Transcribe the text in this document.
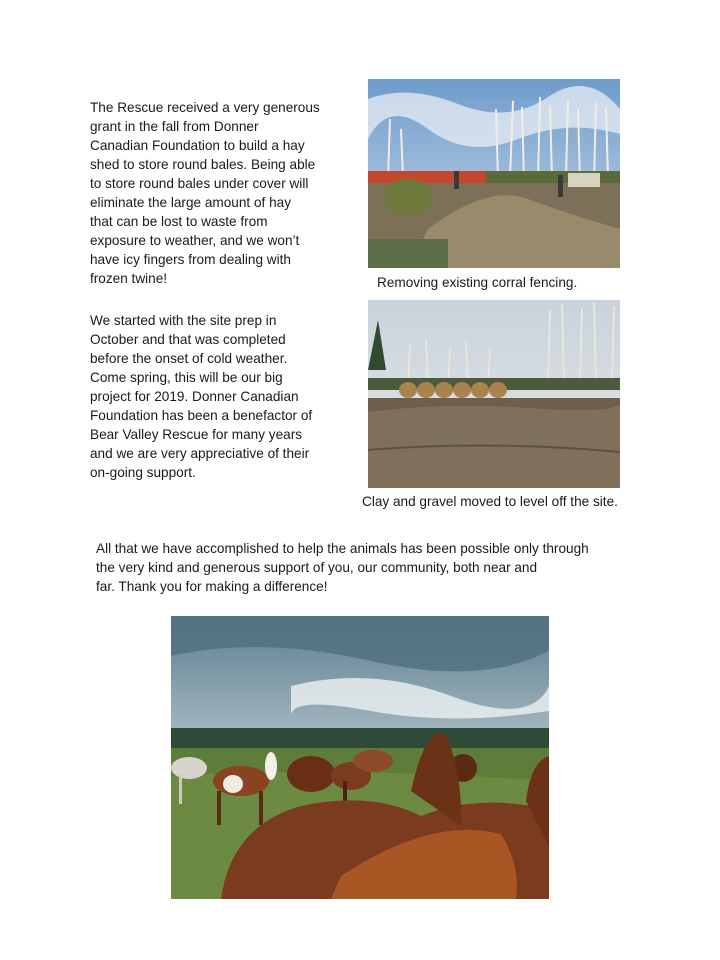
The Rescue received a very generous
grant in the fall from Donner
Canadian Foundation to build a hay
shed to store round bales. Being able
to store round bales under cover will
eliminate the large amount of hay
that can be lost to waste from
exposure to weather, and we won’t
have icy fingers from dealing with
frozen twine!
We started with the site prep in
October and that was completed
before the onset of cold weather.
Come spring, this will be our big
project for 2019. Donner Canadian
Foundation has been a benefactor of
Bear Valley Rescue for many years
and we are very appreciative of their
on-going support.
All that we have accomplished to help the animals has been possible only through
the very kind and generous support of you, our community, both near and
far. Thank you for making a difference!
Removing existing corral fencing.
Clay and gravel moved to level off the site.
